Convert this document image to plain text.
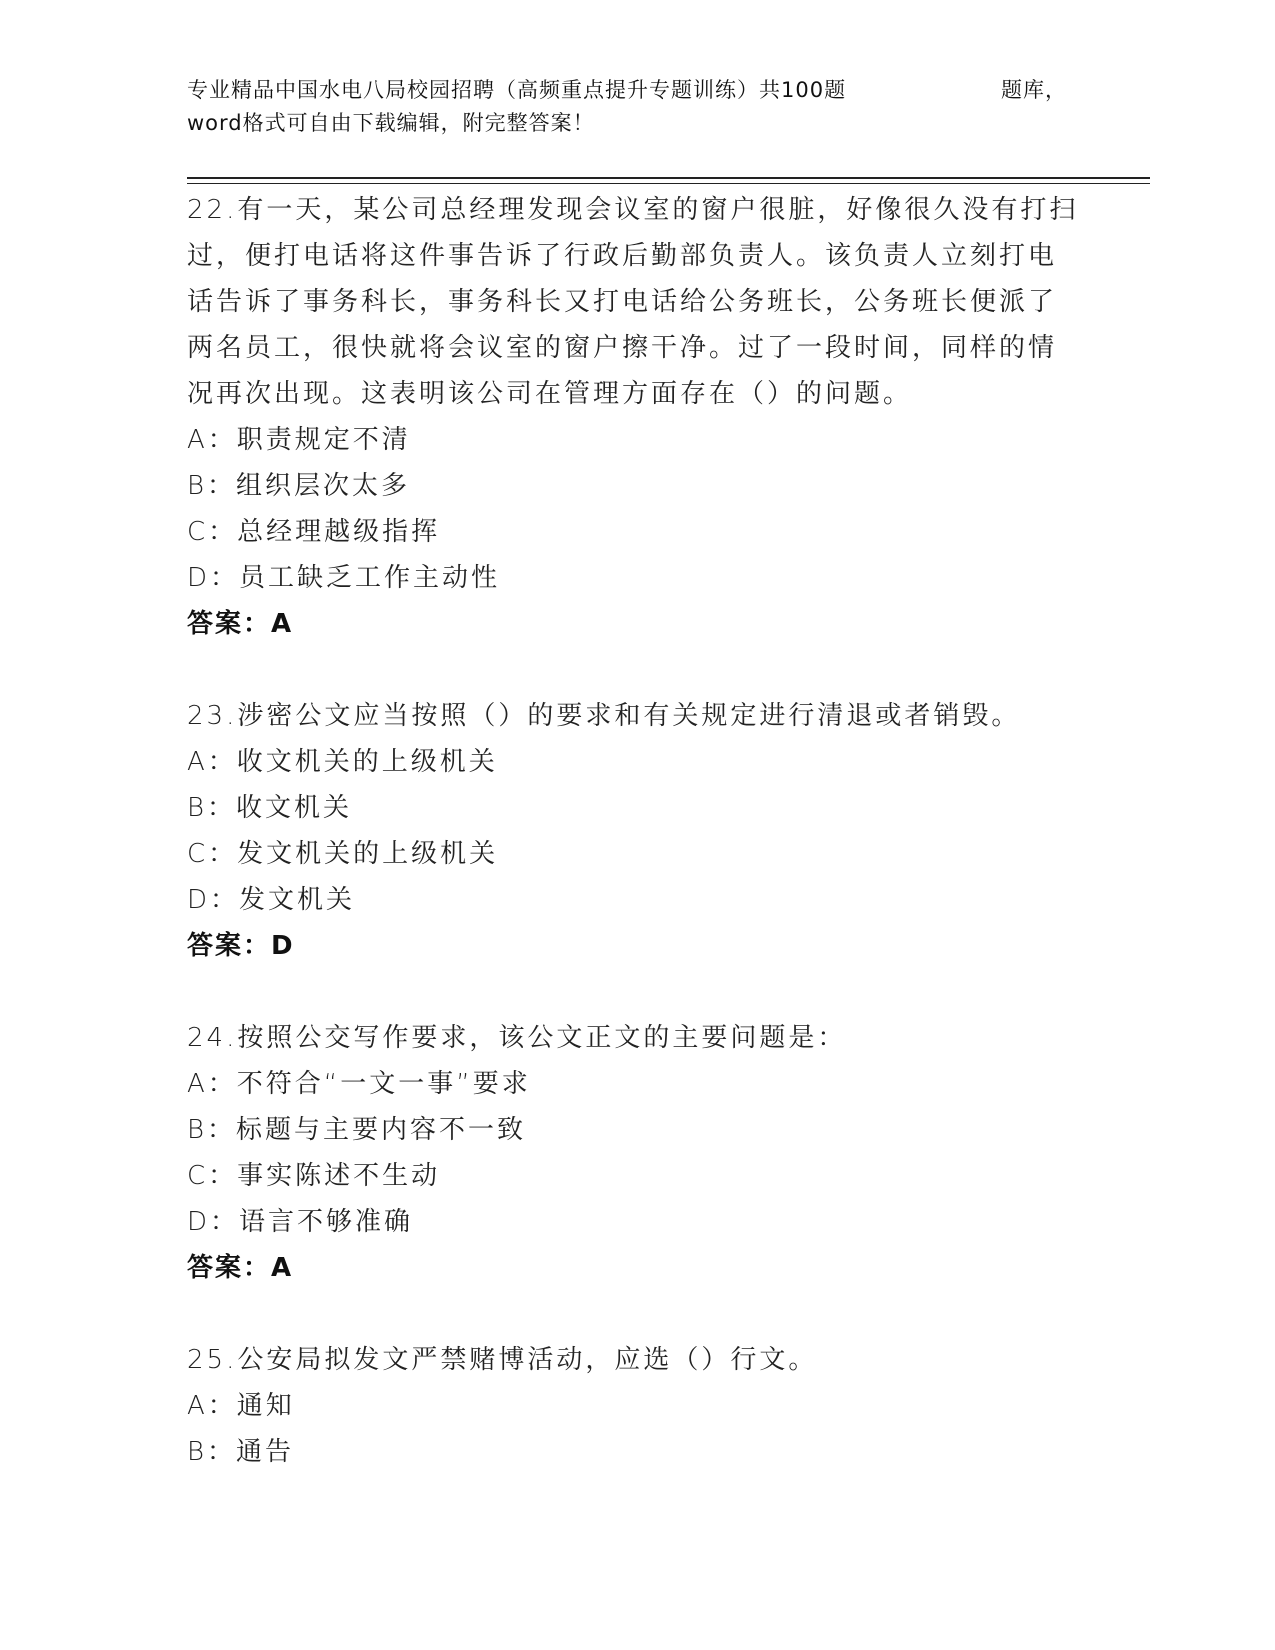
专业精品中国水电八局校园招聘（高频重点提升专题训练）共100题	题库，
word格式可自由下载编辑，附完整答案！

22.有一天，某公司总经理发现会议室的窗户很脏，好像很久没有打扫

过，便打电话将这件事告诉了行政后勤部负责人。该负责人立刻打电

话告诉了事务科长，事务科长又打电话给公务班长，公务班长便派了

两名员工，很快就将会议室的窗户擦干净。过了一段时间，同样的情

况再次出现。这表明该公司在管理方面存在（）的问题。

A：职责规定不清

B：组织层次太多

C：总经理越级指挥

D：员工缺乏工作主动性

答案：A

23.涉密公文应当按照（）的要求和有关规定进行清退或者销毁。

A：收文机关的上级机关

B：收文机关

C：发文机关的上级机关

D：发文机关

答案：D

24.按照公交写作要求，该公文正文的主要问题是：

A：不符合“一文一事”要求

B：标题与主要内容不一致

C：事实陈述不生动

D：语言不够准确

答案：A

25.公安局拟发文严禁赌博活动，应选（）行文。

A：通知

B：通告
